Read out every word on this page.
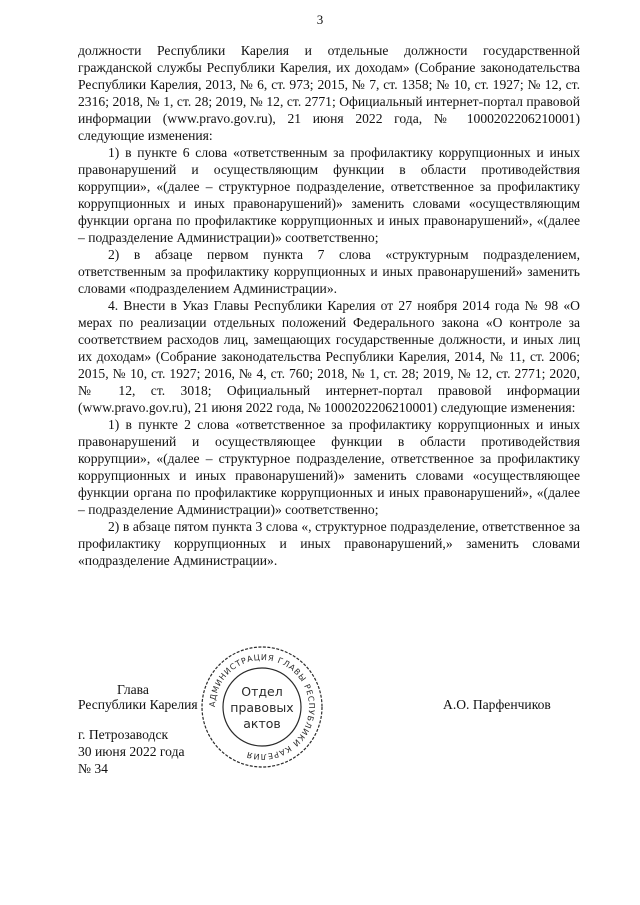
3

должности Республики Карелия и отдельные должности государственной гражданской службы Республики Карелия, их доходам» (Собрание законодательства Республики Карелия, 2013, № 6, ст. 973; 2015, № 7, ст. 1358; № 10, ст. 1927; № 12, ст. 2316; 2018, № 1, ст. 28; 2019, № 12, ст. 2771; Официальный интернет-портал правовой информации (www.pravo.gov.ru), 21 июня 2022 года, № 1000202206210001) следующие изменения:

1) в пункте 6 слова «ответственным за профилактику коррупционных и иных правонарушений и осуществляющим функции в области противодействия коррупции», «(далее – структурное подразделение, ответственное за профилактику коррупционных и иных правонарушений)» заменить словами «осуществляющим функции органа по профилактике коррупционных и иных правонарушений», «(далее – подразделение Администрации)» соответственно;

2) в абзаце первом пункта 7 слова «структурным подразделением, ответственным за профилактику коррупционных и иных правонарушений» заменить словами «подразделением Администрации».

4. Внести в Указ Главы Республики Карелия от 27 ноября 2014 года № 98 «О мерах по реализации отдельных положений Федерального закона «О контроле за соответствием расходов лиц, замещающих государственные должности, и иных лиц их доходам» (Собрание законодательства Республики Карелия, 2014, № 11, ст. 2006; 2015, № 10, ст. 1927; 2016, № 4, ст. 760; 2018, № 1, ст. 28; 2019, № 12, ст. 2771; 2020, № 12, ст. 3018; Официальный интернет-портал правовой информации (www.pravo.gov.ru), 21 июня 2022 года, № 1000202206210001) следующие изменения:

1) в пункте 2 слова «ответственное за профилактику коррупционных и иных правонарушений и осуществляющее функции в области противодействия коррупции», «(далее – структурное подразделение, ответственное за профилактику коррупционных и иных правонарушений)» заменить словами «осуществляющее функции органа по профилактике коррупционных и иных правонарушений», «(далее – подразделение Администрации)» соответственно;

2) в абзаце пятом пункта 3 слова «, структурное подразделение, ответственное за профилактику коррупционных и иных правонарушений,» заменить словами «подразделение Администрации».

Глава
Республики Карелия	А.О. Парфенчиков
г. Петрозаводск
30 июня 2022 года
№ 34
АДМИНИСТРАЦИЯ ГЛАВЫ РЕСПУБЛИКИ КАРЕЛИЯ
Отдел
правовых
актов
